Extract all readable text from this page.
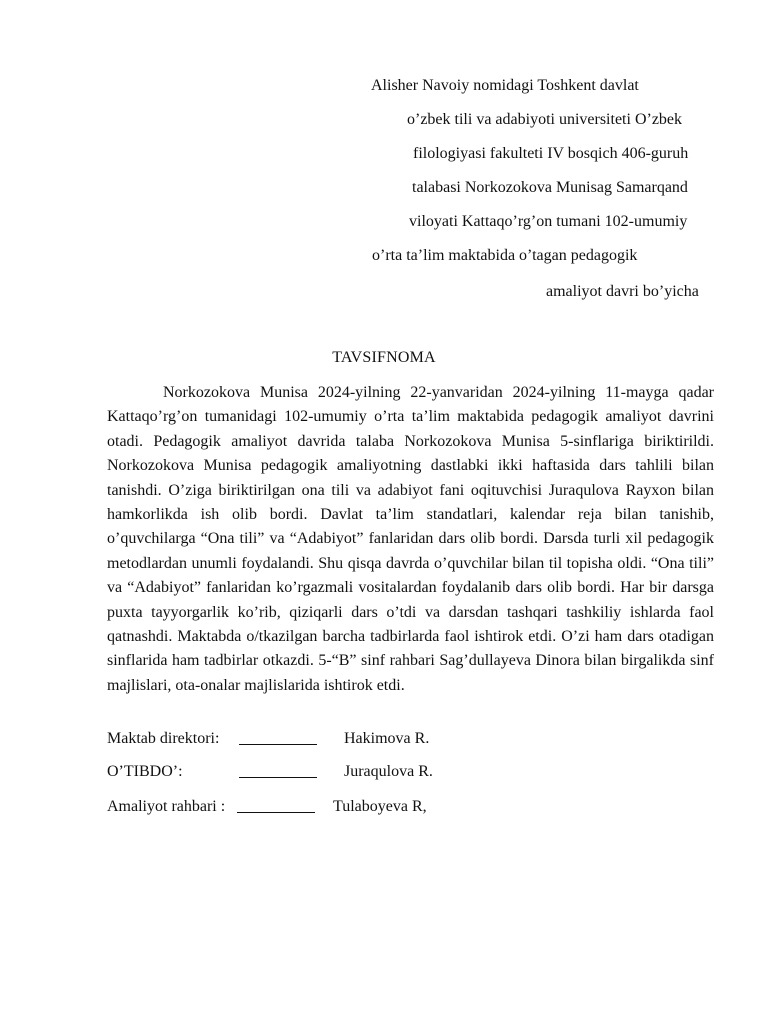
Alisher Navoiy nomidagi Toshkent davlat
o’zbek tili va adabiyoti universiteti O’zbek
filologiyasi fakulteti IV bosqich 406-guruh
talabasi Norkozokova Munisag Samarqand
viloyati Kattaqo’rg’on tumani 102-umumiy
o’rta ta’lim maktabida o’tagan pedagogik
amaliyot davri bo’yicha
TAVSIFNOMA

Norkozokova Munisa 2024-yilning 22-yanvaridan 2024-yilning 11-mayga qadar Kattaqo’rg’on tumanidagi 102-umumiy o’rta ta’lim maktabida pedagogik amaliyot davrini otadi. Pedagogik amaliyot davrida talaba Norkozokova Munisa 5-sinflariga biriktirildi. Norkozokova Munisa pedagogik amaliyotning dastlabki ikki haftasida dars tahlili bilan tanishdi. O’ziga biriktirilgan ona tili va adabiyot fani oqituvchisi Juraqulova Rayxon bilan hamkorlikda ish olib bordi. Davlat ta’lim standatlari, kalendar reja bilan tanishib, o’quvchilarga “Ona tili” va “Adabiyot” fanlaridan dars olib bordi. Darsda turli xil pedagogik metodlardan unumli foydalandi. Shu qisqa davrda o’quvchilar bilan til topisha oldi. “Ona tili” va “Adabiyot” fanlaridan ko’rgazmali vositalardan foydalanib dars olib bordi. Har bir darsga puxta tayyorgarlik ko’rib, qiziqarli dars o’tdi va darsdan tashqari tashkiliy ishlarda faol qatnashdi. Maktabda o/tkazilgan barcha tadbirlarda faol ishtirok etdi. O’zi ham dars otadigan sinflarida ham tadbirlar otkazdi. 5-“B” sinf rahbari Sag’dullayeva Dinora bilan birgalikda sinf majlislari, ota-onalar majlislarida ishtirok etdi.

Maktab direktori:	Hakimova R.
O’TIBDO’:	Juraqulova R.
Amaliyot rahbari :	Tulaboyeva R,
